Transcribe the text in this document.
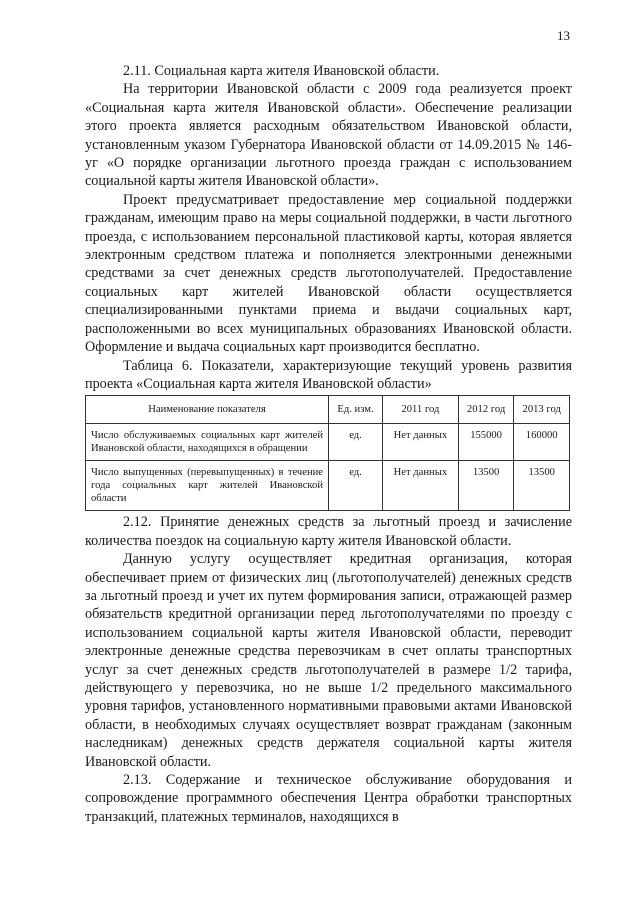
13

2.11. Социальная карта жителя Ивановской области.

На территории Ивановской области с 2009 года реализуется проект «Социальная карта жителя Ивановской области». Обеспечение реализации этого проекта является расходным обязательством Ивановской области, установленным указом Губернатора Ивановской области от 14.09.2015 № 146-уг «О порядке организации льготного проезда граждан с использованием социальной карты жителя Ивановской области».

Проект предусматривает предоставление мер социальной поддержки гражданам, имеющим право на меры социальной поддержки, в части льготного проезда, с использованием персональной пластиковой карты, которая является электронным средством платежа и пополняется электронными денежными средствами за счет денежных средств льготополучателей. Предоставление социальных карт жителей Ивановской области осуществляется специализированными пунктами приема и выдачи социальных карт, расположенными во всех муниципальных образованиях Ивановской области. Оформление и выдача социальных карт производится бесплатно.

Таблица 6. Показатели, характеризующие текущий уровень развития проекта «Социальная карта жителя Ивановской области»

Наименование показателя	Ед. изм.	2011 год	2012 год	2013 год
Число обслуживаемых социальных карт жителей Ивановской области, находящихся в обращении	ед.	Нет данных	155000	160000
Число выпущенных (перевыпущенных) в течение года социальных карт жителей Ивановской области	ед.	Нет данных	13500	13500

2.12. Принятие денежных средств за льготный проезд и зачисление количества поездок на социальную карту жителя Ивановской области.

Данную услугу осуществляет кредитная организация, которая обеспечивает прием от физических лиц (льготополучателей) денежных средств за льготный проезд и учет их путем формирования записи, отражающей размер обязательств кредитной организации перед льготополучателями по проезду с использованием социальной карты жителя Ивановской области, переводит электронные денежные средства перевозчикам в счет оплаты транспортных услуг за счет денежных средств льготополучателей в размере 1/2 тарифа, действующего у перевозчика, но не выше 1/2 предельного максимального уровня тарифов, установленного нормативными правовыми актами Ивановской области, в необходимых случаях осуществляет возврат гражданам (законным наследникам) денежных средств держателя социальной карты жителя Ивановской области.

2.13. Содержание и техническое обслуживание оборудования и сопровождение программного обеспечения Центра обработки транспортных транзакций, платежных терминалов, находящихся в
